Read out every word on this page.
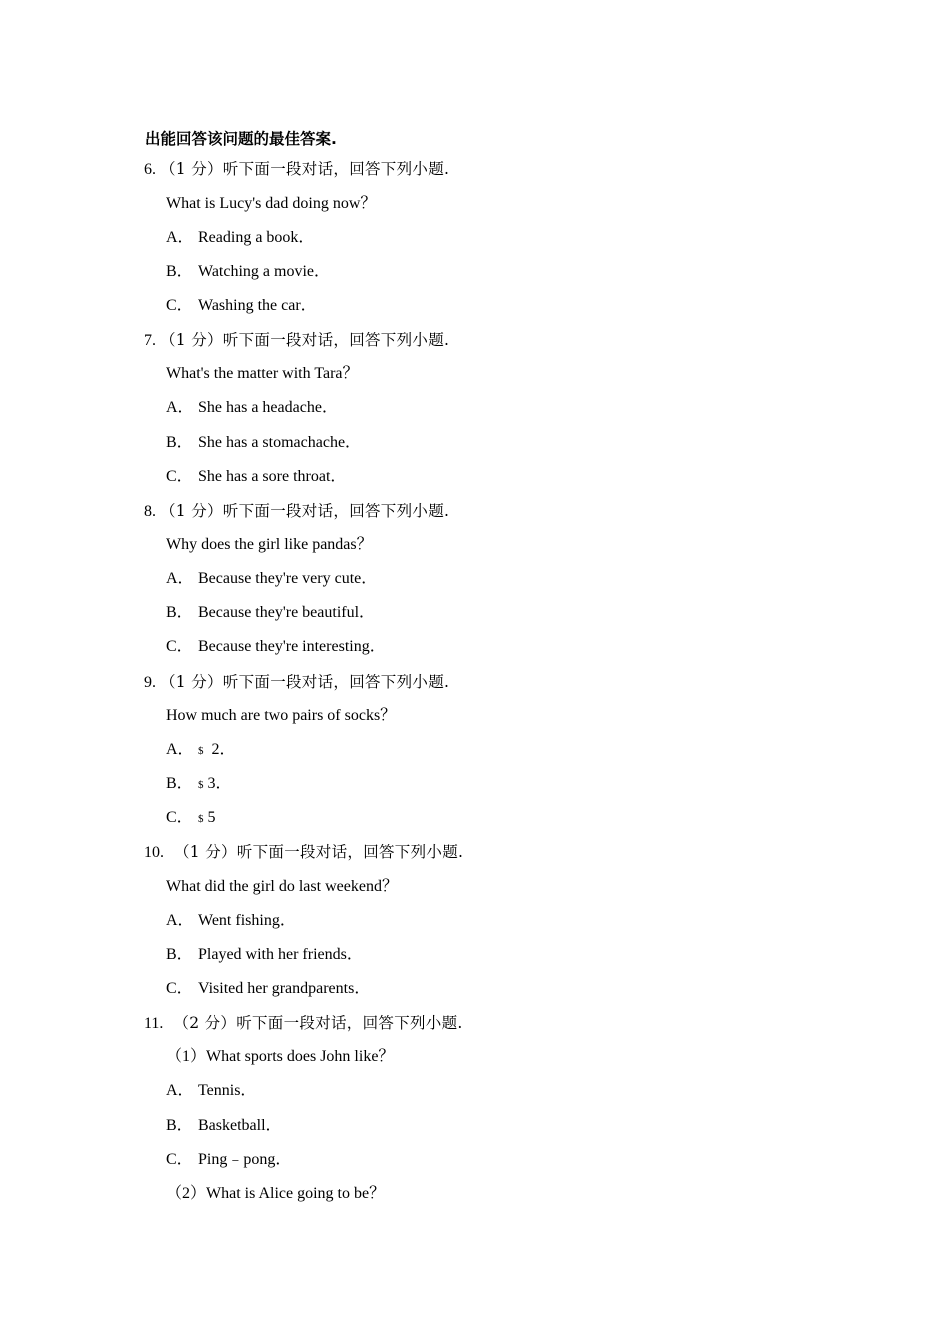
出能回答该问题的最佳答案.
6. （1 分）听下面一段对话，回答下列小题.
What is Lucy's dad doing now？
A． Reading a book．
B． Watching a movie．
C． Washing the car．
7. （1 分）听下面一段对话，回答下列小题.
What's the matter with Tara？
A． She has a headache．
B． She has a stomachache．
C． She has a sore throat．
8. （1 分）听下面一段对话，回答下列小题.
Why does the girl like pandas？
A． Because they're very cute．
B． Because they're beautiful．
C． Because they're interesting．
9. （1 分）听下面一段对话，回答下列小题.
How much are two pairs of socks？
A． $ 2．
B． $ 3．
C． $ 5
10. （1 分）听下面一段对话，回答下列小题.
What did the girl do last weekend？
A． Went fishing．
B． Played with her friends．
C． Visited her grandparents．
11. （2 分）听下面一段对话，回答下列小题.
（1）What sports does John like？
A． Tennis．
B． Basketball．
C． Ping﹣pong．
（2）What is Alice going to be？
